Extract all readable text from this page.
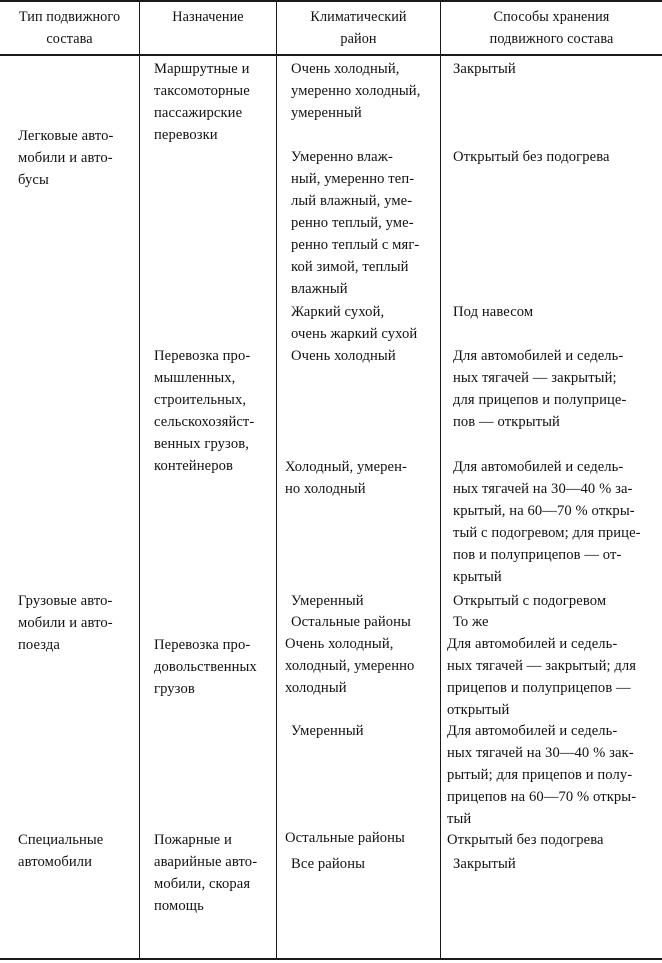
Тип подвижного
состава
Назначение	Климатический
район
Способы хранения
подвижного состава
Легковые авто-
мобили и авто-
бусы
Грузовые авто-
мобили и авто-
поезда
Специальные
автомобили
Маршрутные и
таксомоторные
пассажирские
перевозки
Перевозка про-
мышленных,
строительных,
сельскохозяйст-
венных грузов,
контейнеров
Перевозка про-
довольственных
грузов
Пожарные и
аварийные авто-
мобили, скорая
помощь
Очень холодный,
умеренно холодный,
умеренный
Умеренно влаж-
ный, умеренно теп-
лый влажный, уме-
ренно теплый, уме-
ренно теплый с мяг-
кой зимой, теплый
влажный
Жаркий сухой,
очень жаркий сухой
Очень холодный
Холодный, умерен-
но холодный
Умеренный
Остальные районы
Очень холодный,
холодный, умеренно
холодный
Умеренный
Остальные районы
Все районы
Закрытый
Открытый без подогрева
Под навесом
Для автомобилей и седель-
ных тягачей — закрытый;
для прицепов и полуприце-
пов — открытый
Для автомобилей и седель-
ных тягачей на 30—40 % за-
крытый, на 60—70 % откры-
тый с подогревом; для прице-
пов и полуприцепов — от-
крытый
Открытый с подогревом
То же
Для автомобилей и седель-
ных тягачей — закрытый; для
прицепов и полуприцепов —
открытый
Для автомобилей и седель-
ных тягачей на 30—40 % зак-
рытый; для прицепов и полу-
прицепов на 60—70 % откры-
тый
Открытый без подогрева
Закрытый
